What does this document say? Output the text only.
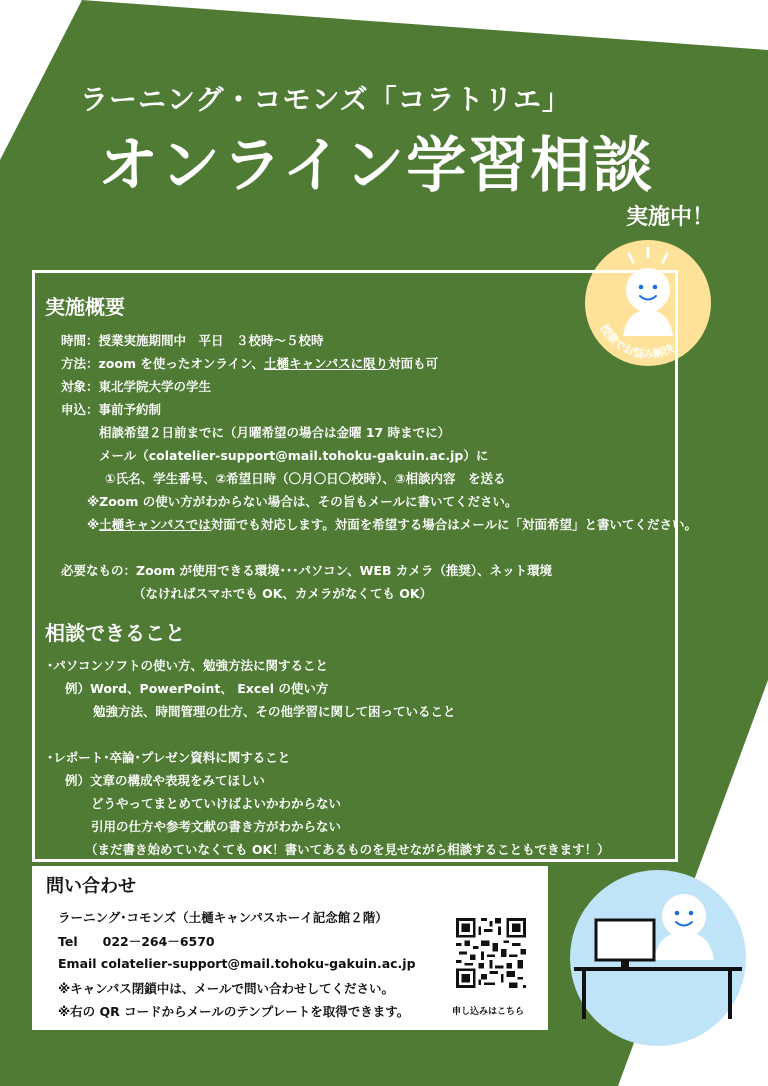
ラーニング・コモンズ「コラトリエ」
オンライン学習相談
実施中！
授業でお悩み解決
実施概要
時間：授業実施期間中　平日　３校時～５校時
方法：zoom を使ったオンライン、土樋キャンパスに限り対面も可
対象：東北学院大学の学生
申込：事前予約制
相談希望２日前までに（月曜希望の場合は金曜 17 時までに）
メール（colatelier-support@mail.tohoku-gakuin.ac.jp）に
①氏名、学生番号、②希望日時（〇月〇日〇校時）、③相談内容　を送る
※Zoom の使い方がわからない場合は、その旨もメールに書いてください。
※土樋キャンパスでは対面でも対応します。対面を希望する場合はメールに「対面希望」と書いてください。
必要なもの：Zoom が使用できる環境･･･パソコン、WEB カメラ（推奨）、ネット環境
（なければスマホでも OK、カメラがなくても OK）
相談できること
･パソコンソフトの使い方、勉強方法に関すること
例）Word、PowerPoint、 Excel の使い方
勉強方法、時間管理の仕方、その他学習に関して困っていること
･レポート･卒論･プレゼン資料に関すること
例）文章の構成や表現をみてほしい
どうやってまとめていけばよいかわからない
引用の仕方や参考文献の書き方がわからない
（まだ書き始めていなくても OK！書いてあるものを見せながら相談することもできます！）
問い合わせ
ラーニング･コモンズ（土樋キャンパスホーイ記念館２階）
Tel　　022－264－6570
Email colatelier-support@mail.tohoku-gakuin.ac.jp
※キャンパス閉鎖中は、メールで問い合わせしてください。
※右の QR コードからメールのテンプレートを取得できます。	申し込みはこちら
